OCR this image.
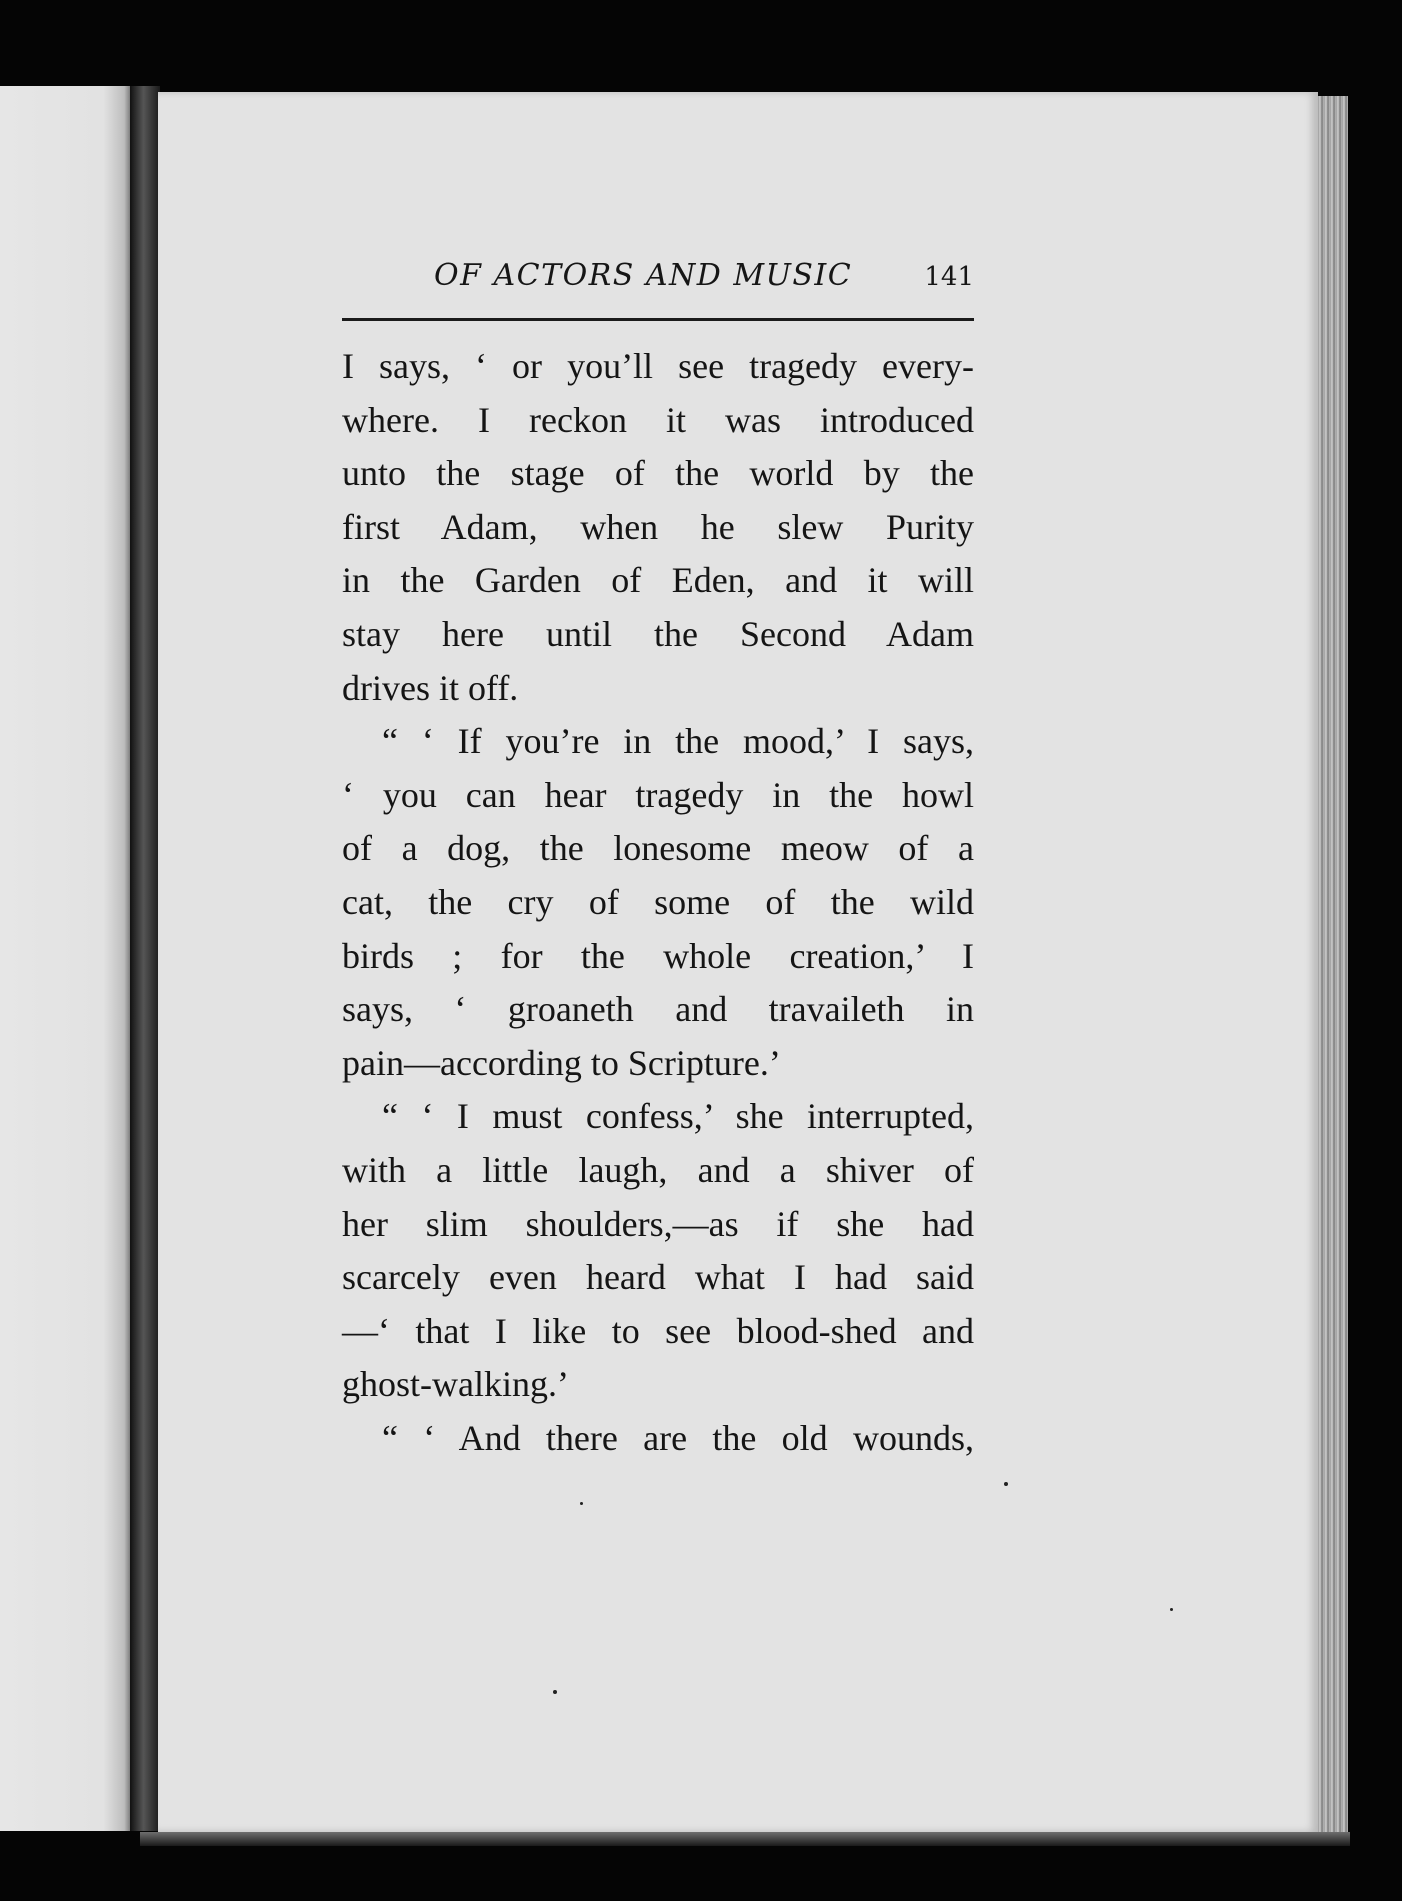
OF ACTORS AND MUSIC	141
I says, ‘ or you’ll see tragedy every-
where. I reckon it was introduced
unto the stage of the world by the
first Adam, when he slew Purity
in the Garden of Eden, and it will
stay here until the Second Adam
drives it off.
“ ‘ If you’re in the mood,’ I says,
‘ you can hear tragedy in the howl
of a dog, the lonesome meow of a
cat, the cry of some of the wild
birds ; for the whole creation,’ I
says, ‘ groaneth and travaileth in
pain—according to Scripture.’
“ ‘ I must confess,’ she interrupted,
with a little laugh, and a shiver of
her slim shoulders,—as if she had
scarcely even heard what I had said
—‘ that I like to see blood-shed and
ghost-walking.’
“ ‘ And there are the old wounds,
